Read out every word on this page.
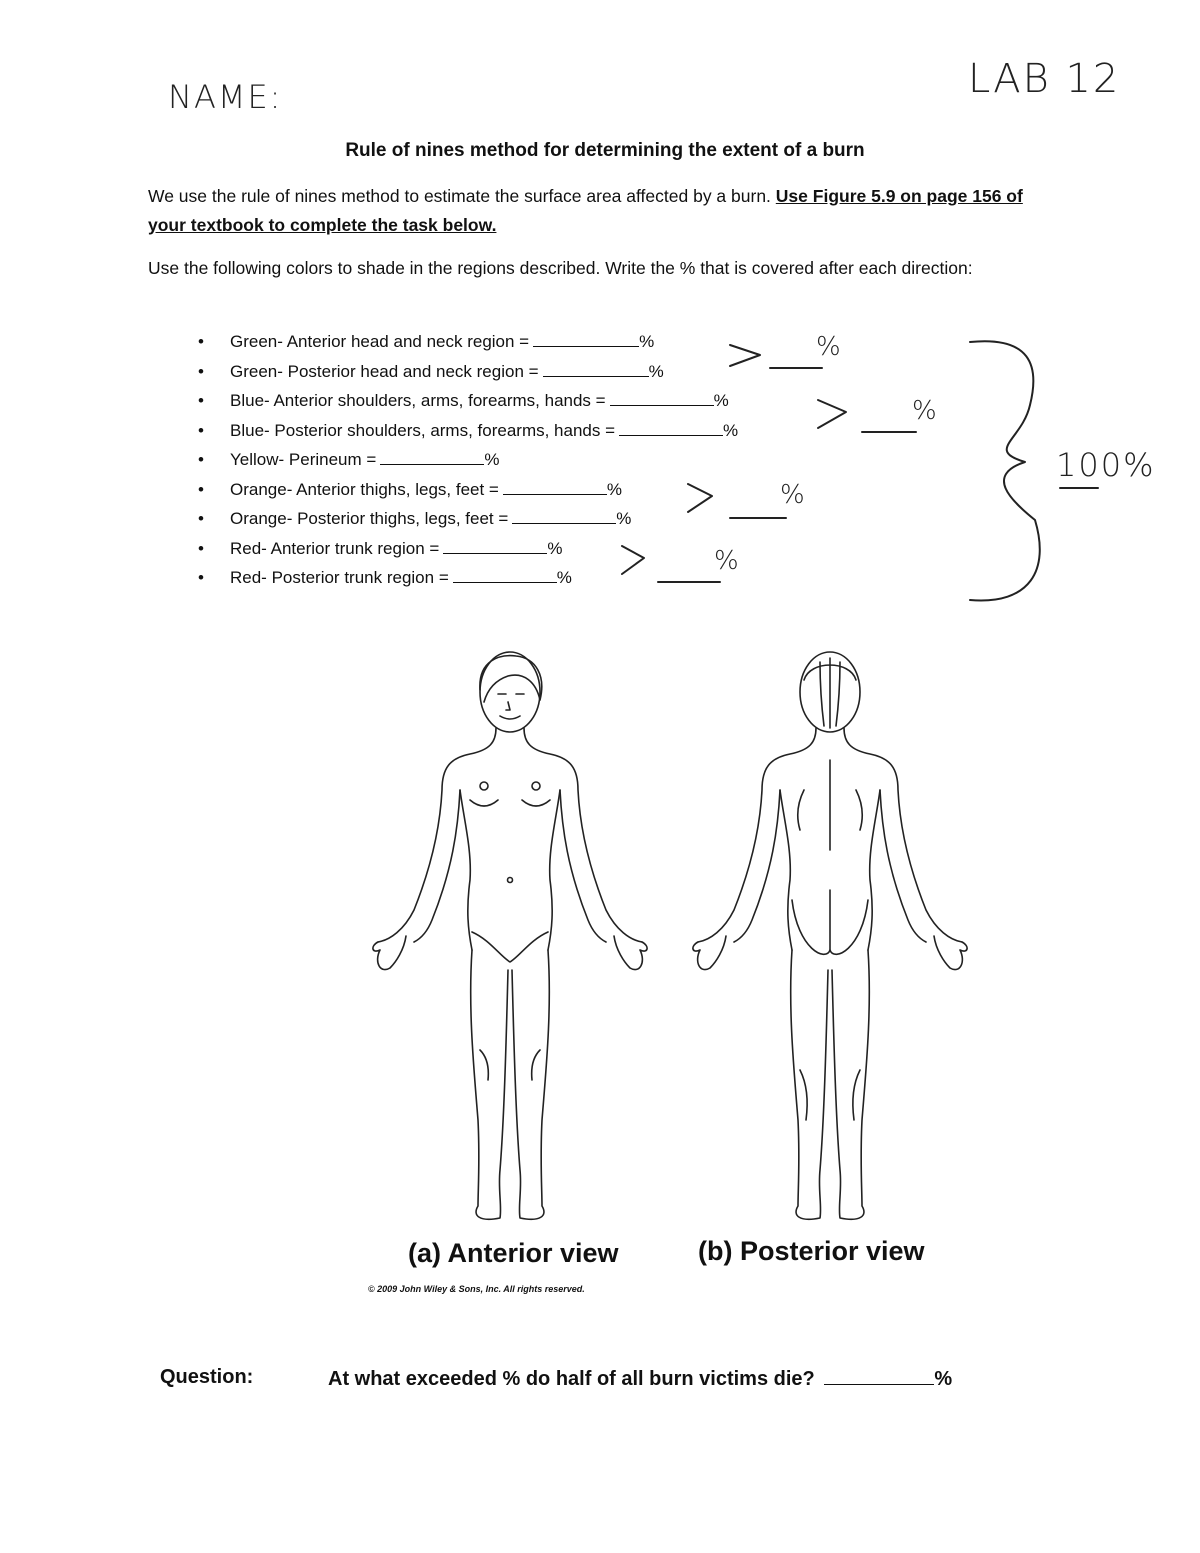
NAME:	LAB 12
Rule of nines method for determining the extent of a burn
We use the rule of nines method to estimate the surface area affected by a burn. Use Figure 5.9 on page 156 of your textbook to complete the task below.
Use the following colors to shade in the regions described. Write the % that is covered after each direction:
• Green- Anterior head and neck region =	%
• Green- Posterior head and neck region =	%
• Blue- Anterior shoulders, arms, forearms, hands =	%
• Blue- Posterior shoulders, arms, forearms, hands =	%
• Yellow- Perineum =	%
• Orange- Anterior thighs, legs, feet =	%
• Orange- Posterior thighs, legs, feet =	%
• Red- Anterior trunk region =	%
• Red- Posterior trunk region =	%
%
%
%
%
100%
(a) Anterior view	(b) Posterior view
© 2009 John Wiley & Sons, Inc. All rights reserved.
Question:	At what exceeded % do half of all burn victims die?	%
